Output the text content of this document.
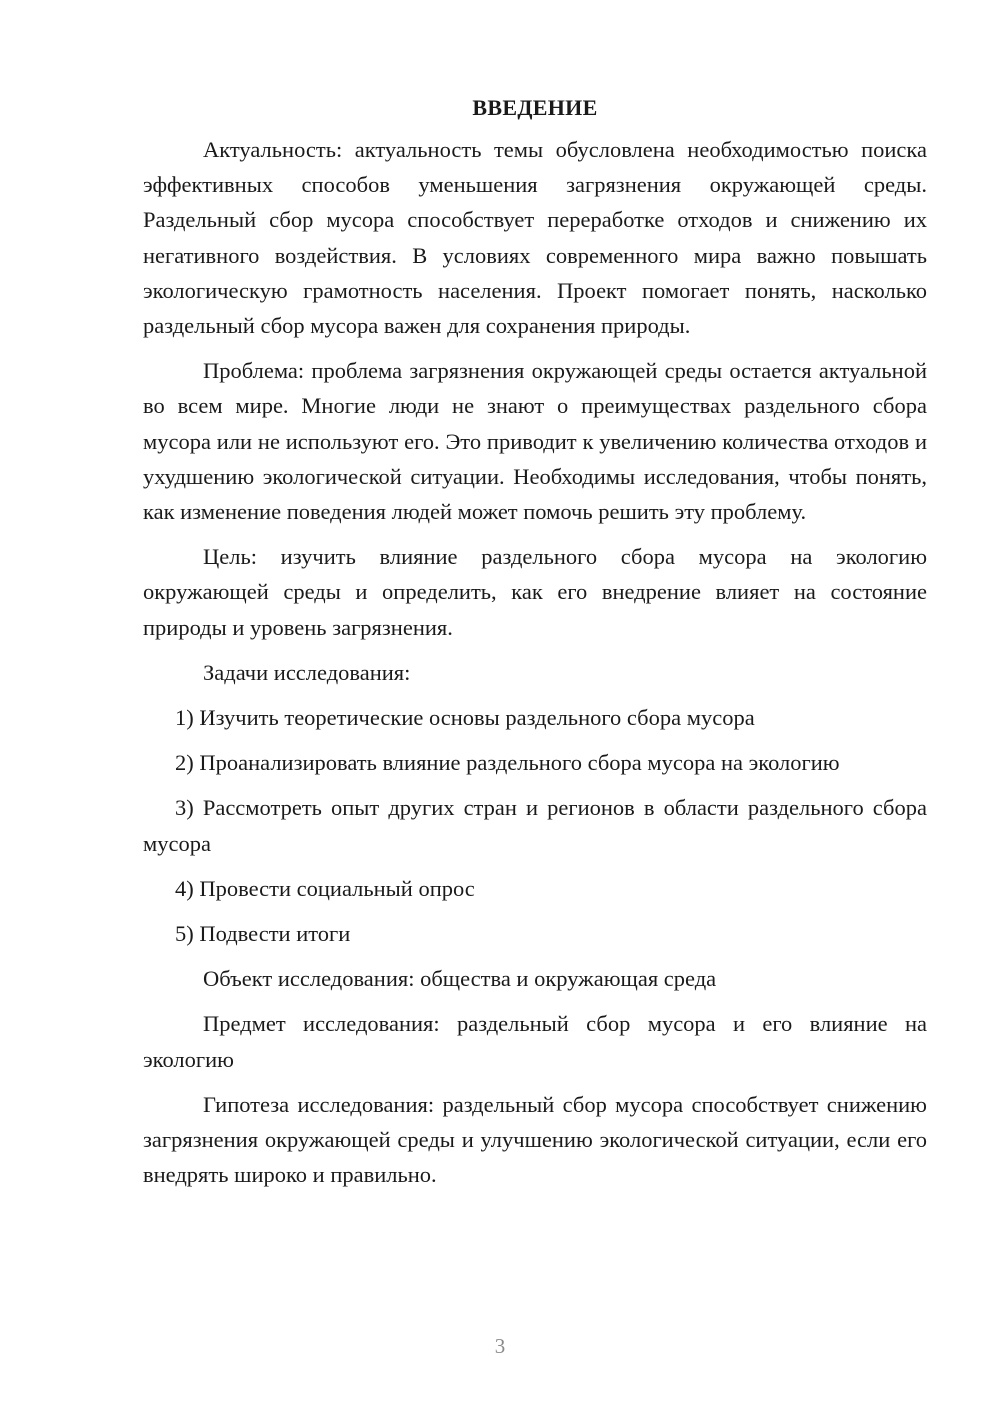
ВВЕДЕНИЕ

Актуальность: актуальность темы обусловлена необходимостью поиска эффективных способов уменьшения загрязнения окружающей среды. Раздельный сбор мусора способствует переработке отходов и снижению их негативного воздействия. В условиях современного мира важно повышать экологическую грамотность населения. Проект помогает понять, насколько раздельный сбор мусора важен для сохранения природы.

Проблема: проблема загрязнения окружающей среды остается актуальной во всем мире. Многие люди не знают о преимуществах раздельного сбора мусора или не используют его. Это приводит к увеличению количества отходов и ухудшению экологической ситуации. Необходимы исследования, чтобы понять, как изменение поведения людей может помочь решить эту проблему.

Цель: изучить влияние раздельного сбора мусора на экологию окружающей среды и определить, как его внедрение влияет на состояние природы и уровень загрязнения.

Задачи исследования:

1) Изучить теоретические основы раздельного сбора мусора

2) Проанализировать влияние раздельного сбора мусора на экологию

3) Рассмотреть опыт других стран и регионов в области раздельного сбора мусора

4) Провести социальный опрос

5) Подвести итоги

Объект исследования: общества и окружающая среда

Предмет исследования: раздельный сбор мусора и его влияние на экологию

Гипотеза исследования: раздельный сбор мусора способствует снижению загрязнения окружающей среды и улучшению экологической ситуации, если его внедрять широко и правильно.

3
